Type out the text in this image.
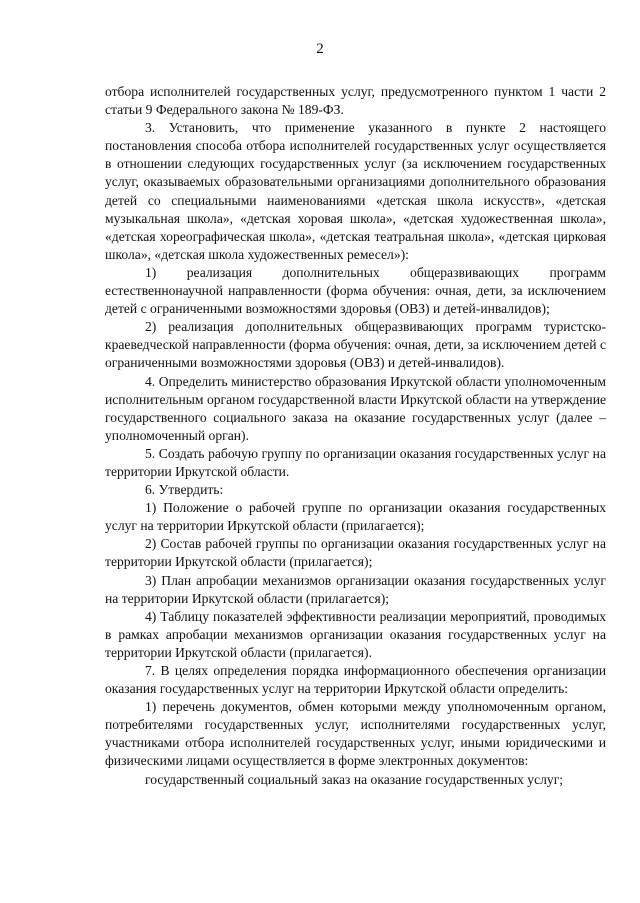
2

отбора исполнителей государственных услуг, предусмотренного пунктом 1 части 2 статьи 9 Федерального закона № 189-ФЗ.

3. Установить, что применение указанного в пункте 2 настоящего постановления способа отбора исполнителей государственных услуг осуществляется в отношении следующих государственных услуг (за исключением государственных услуг, оказываемых образовательными организациями дополнительного образования детей со специальными наименованиями «детская школа искусств», «детская музыкальная школа», «детская хоровая школа», «детская художественная школа», «детская хореографическая школа», «детская театральная школа», «детская цирковая школа», «детская школа художественных ремесел»):

1) реализация дополнительных общеразвивающих программ естественнонаучной направленности (форма обучения: очная, дети, за исключением детей с ограниченными возможностями здоровья (ОВЗ) и детей-инвалидов);

2) реализация дополнительных общеразвивающих программ туристско-краеведческой направленности (форма обучения: очная, дети, за исключением детей с ограниченными возможностями здоровья (ОВЗ) и детей-инвалидов).

4. Определить министерство образования Иркутской области уполномоченным исполнительным органом государственной власти Иркутской области на утверждение государственного социального заказа на оказание государственных услуг (далее – уполномоченный орган).

5. Создать рабочую группу по организации оказания государственных услуг на территории Иркутской области.

6. Утвердить:

1) Положение о рабочей группе по организации оказания государственных услуг на территории Иркутской области (прилагается);

2) Состав рабочей группы по организации оказания государственных услуг на территории Иркутской области (прилагается);

3) План апробации механизмов организации оказания государственных услуг на территории Иркутской области (прилагается);

4) Таблицу показателей эффективности реализации мероприятий, проводимых в рамках апробации механизмов организации оказания государственных услуг на территории Иркутской области (прилагается).

7. В целях определения порядка информационного обеспечения организации оказания государственных услуг на территории Иркутской области определить:

1) перечень документов, обмен которыми между уполномоченным органом, потребителями государственных услуг, исполнителями государственных услуг, участниками отбора исполнителей государственных услуг, иными юридическими и физическими лицами осуществляется в форме электронных документов:

государственный социальный заказ на оказание государственных услуг;
